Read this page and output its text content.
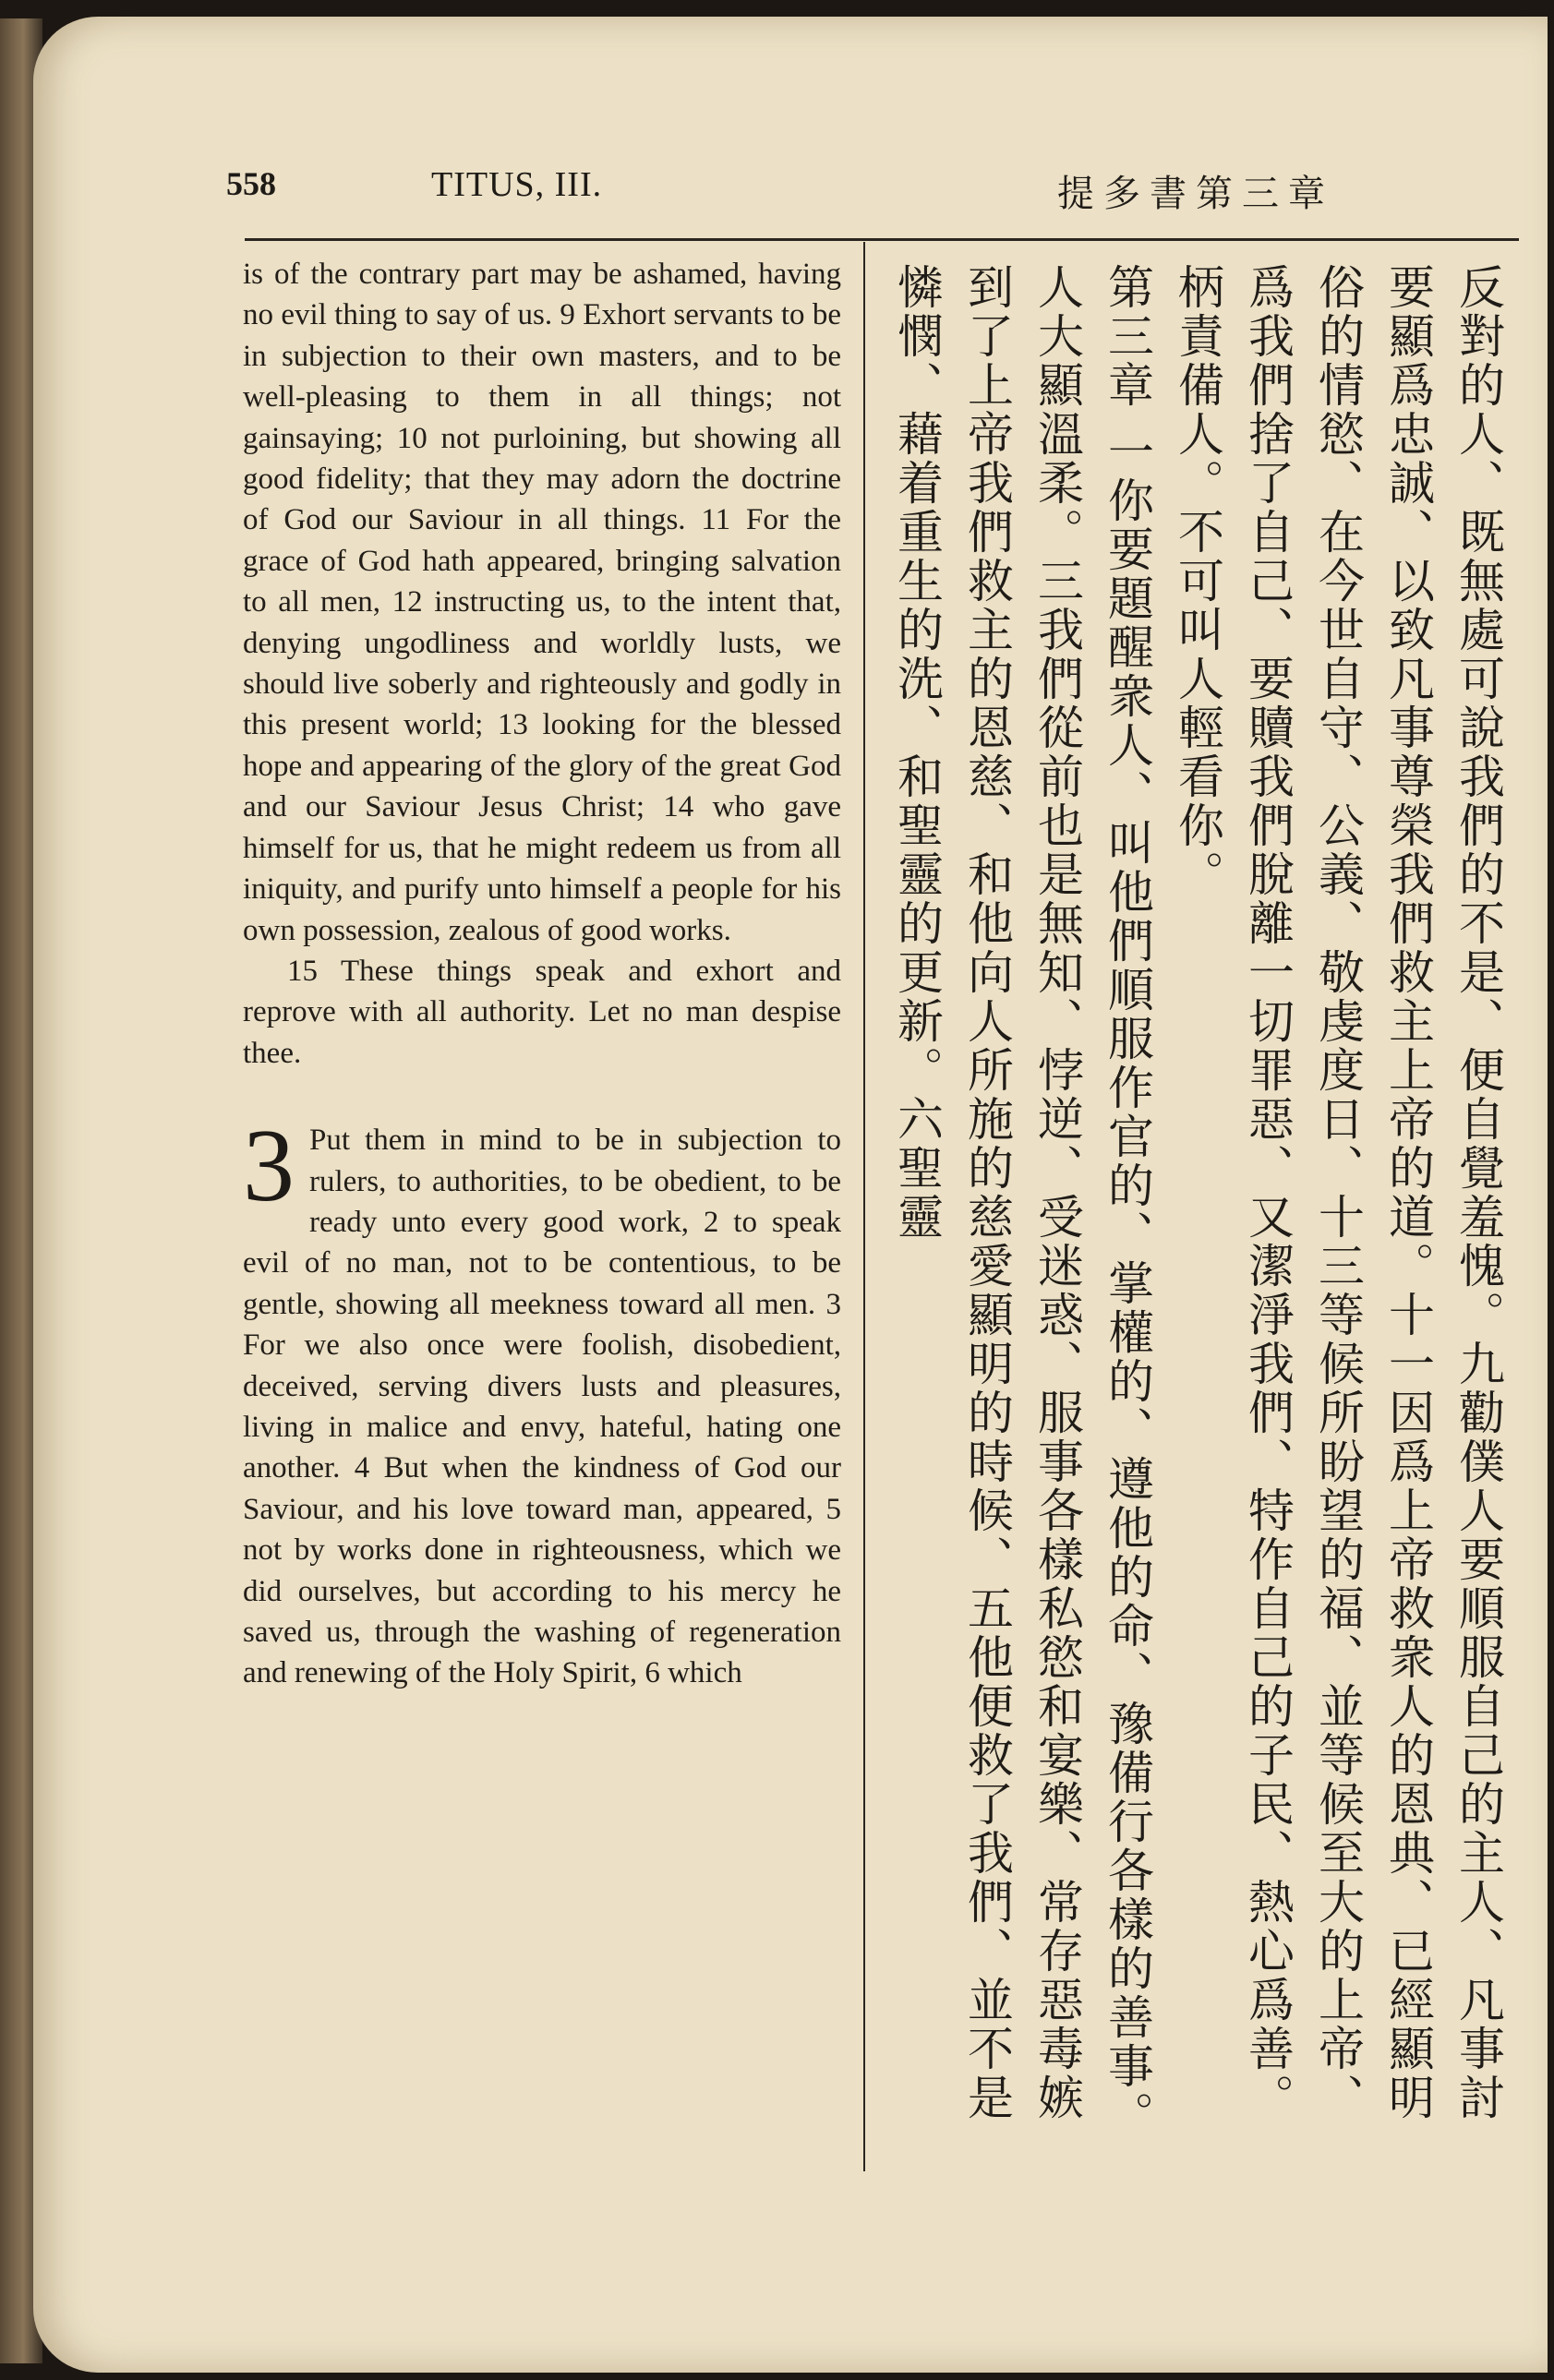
558	TITUS, III.	提多書第三章

is of the contrary part may be ashamed, having no evil thing to say of us. 9 Exhort servants to be in subjection to their own masters, and to be well-pleasing to them in all things; not gainsaying; 10 not purloining, but showing all good fidelity; that they may adorn the doctrine of God our Saviour in all things. 11 For the grace of God hath appeared, bringing salvation to all men, 12 instructing us, to the intent that, denying ungodliness and worldly lusts, we should live soberly and righteously and godly in this present world; 13 looking for the blessed hope and appearing of the glory of the great God and our Saviour Jesus Christ; 14 who gave himself for us, that he might redeem us from all iniquity, and purify unto himself a people for his own possession, zealous of good works.

15 These things speak and exhort and reprove with all authority. Let no man despise thee.

3 Put them in mind to be in subjection to rulers, to authorities, to be obedient, to be ready unto every good work, 2 to speak evil of no man, not to be contentious, to be gentle, showing all meekness toward all men. 3 For we also once were foolish, disobedient, deceived, serving divers lusts and pleasures, living in malice and envy, hateful, hating one another. 4 But when the kindness of God our Saviour, and his love toward man, appeared, 5 not by works done in righteousness, which we did ourselves, but according to his mercy he saved us, through the washing of regeneration and renewing of the Holy Spirit, 6 which

反對的人、既無處可說我們的不是、便自覺羞愧。九勸僕人要順服自己的主人、凡事討
要顯爲忠誠、以致凡事尊榮我們救主上帝的道。十一因爲上帝救衆人的恩典、已經顯明
俗的情慾、在今世自守、公義、敬虔度日、十三等候所盼望的福、並等候至大的上帝、
爲我們捨了自己、要贖我們脫離一切罪惡、又潔淨我們、特作自己的子民、熱心爲善。
柄責備人。不可叫人輕看你。
第三章 一你要題醒衆人、叫他們順服作官的、掌權的、遵他的命、豫備行各樣的善事。
人大顯溫柔。三我們從前也是無知、悖逆、受迷惑、服事各樣私慾和宴樂、常存惡毒嫉
到了上帝我們救主的恩慈、和他向人所施的慈愛顯明的時候、五他便救了我們、並不是
憐憫、藉着重生的洗、和聖靈的更新。六聖靈
